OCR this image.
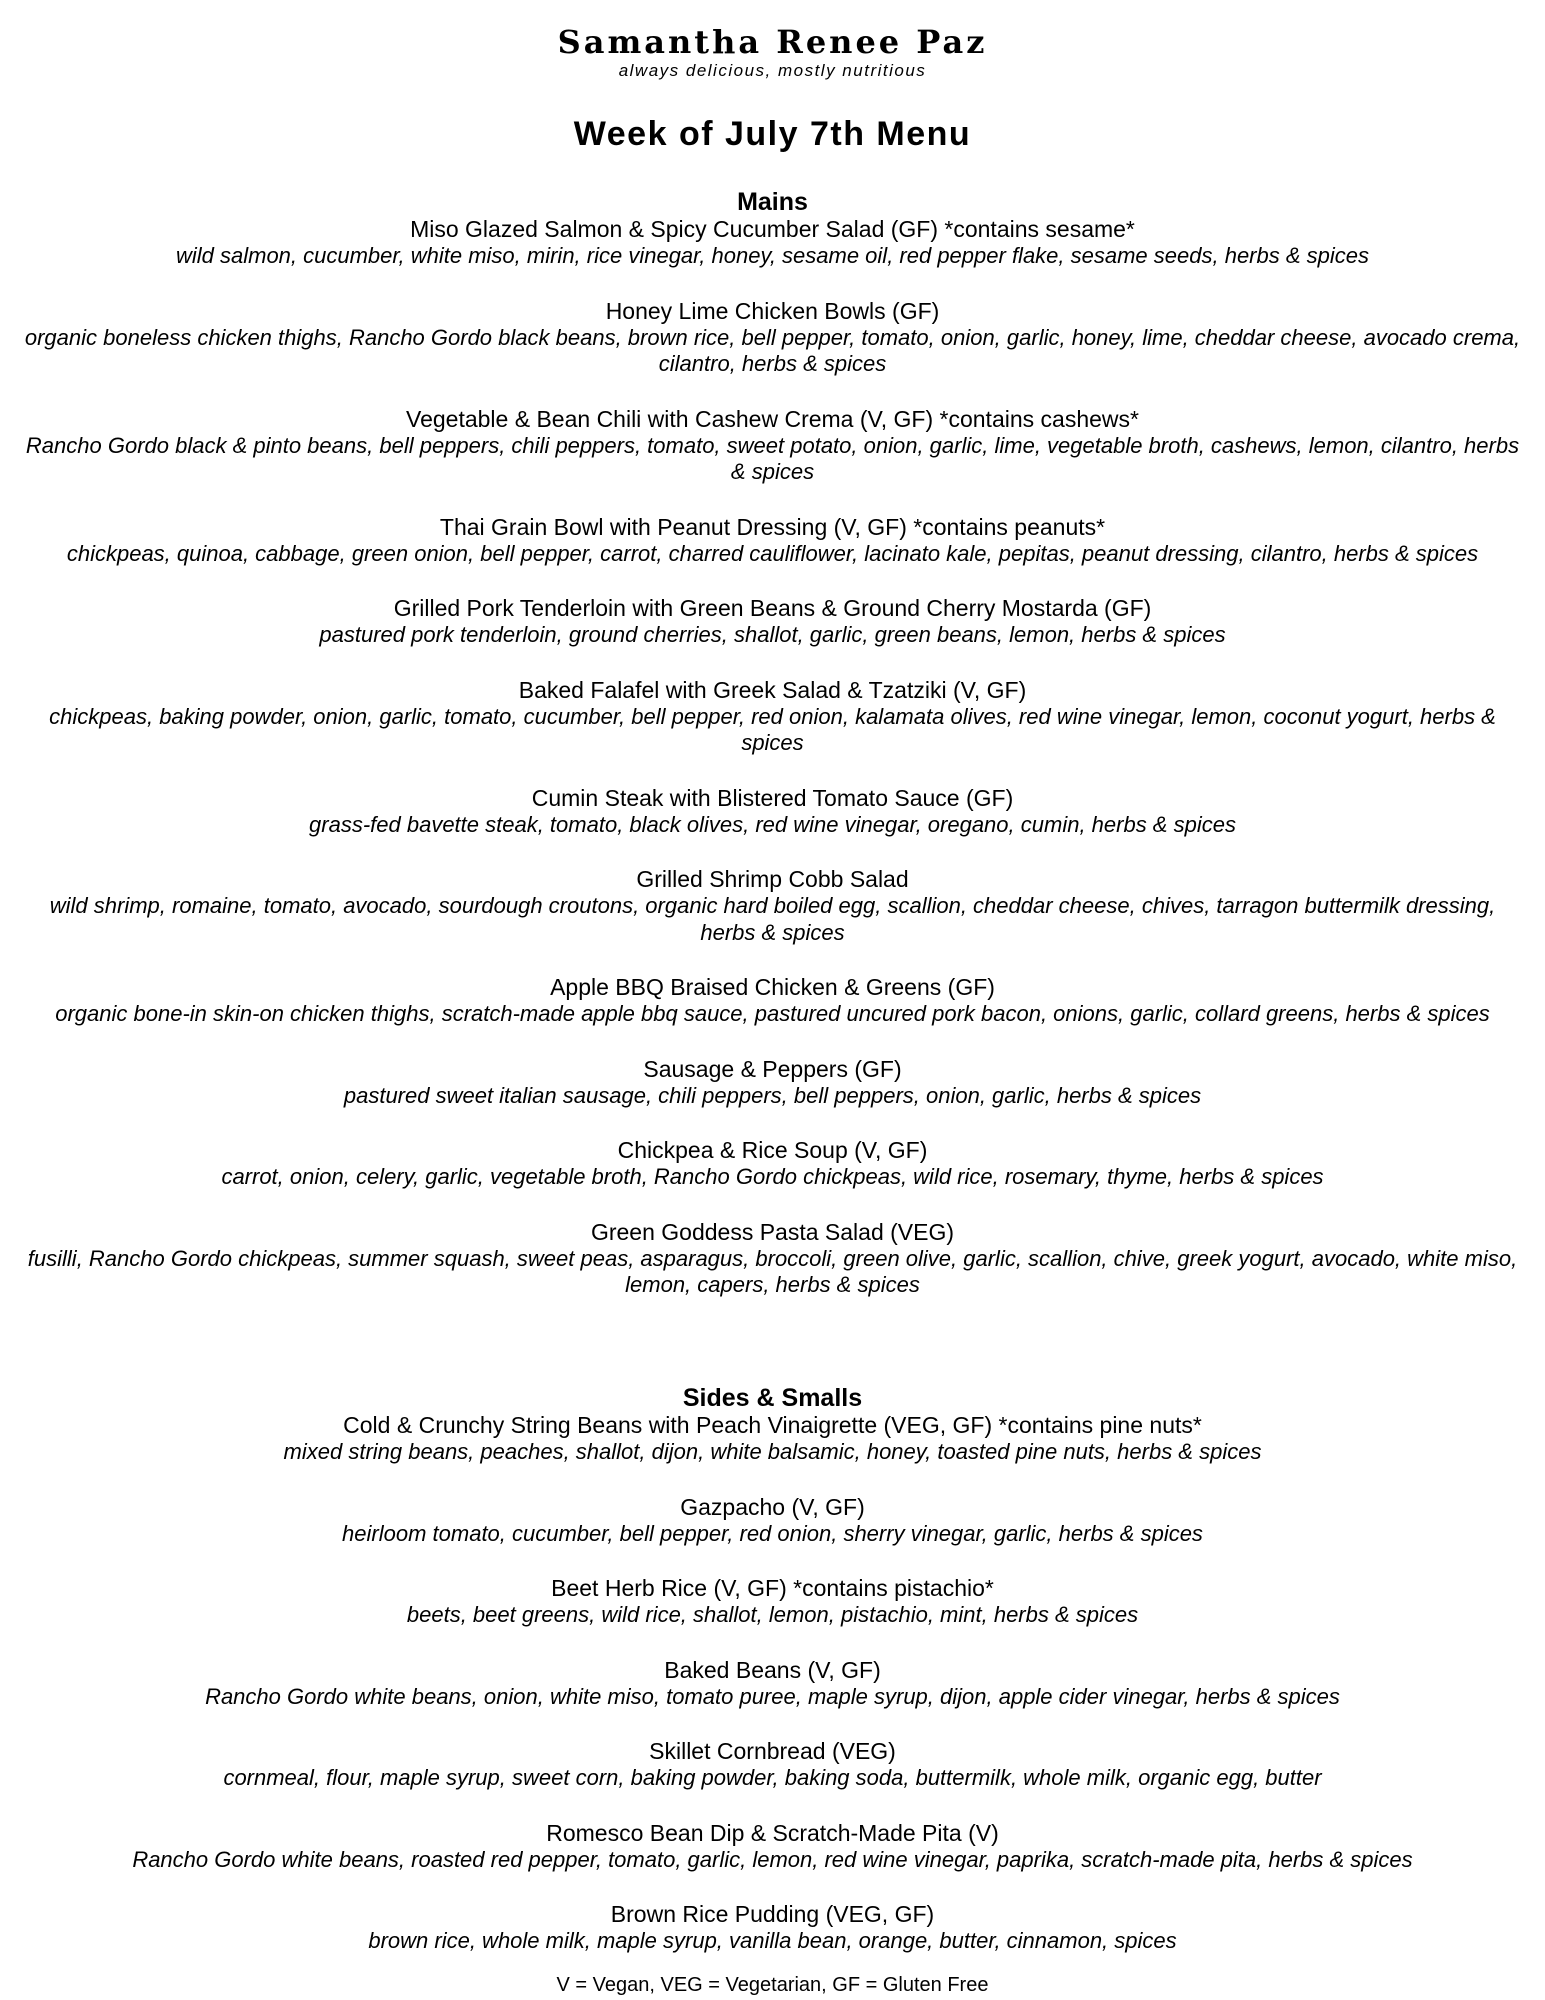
Samantha Renee Paz
always delicious, mostly nutritious
Week of July 7th Menu
Mains
Miso Glazed Salmon & Spicy Cucumber Salad (GF) *contains sesame*
wild salmon, cucumber, white miso, mirin, rice vinegar, honey, sesame oil, red pepper flake, sesame seeds, herbs & spices
Honey Lime Chicken Bowls (GF)
organic boneless chicken thighs, Rancho Gordo black beans, brown rice, bell pepper, tomato, onion, garlic, honey, lime, cheddar cheese, avocado crema, cilantro, herbs & spices
Vegetable & Bean Chili with Cashew Crema (V, GF) *contains cashews*
Rancho Gordo black & pinto beans, bell peppers, chili peppers, tomato, sweet potato, onion, garlic, lime, vegetable broth, cashews, lemon, cilantro, herbs & spices
Thai Grain Bowl with Peanut Dressing (V, GF) *contains peanuts*
chickpeas, quinoa, cabbage, green onion, bell pepper, carrot, charred cauliflower, lacinato kale, pepitas, peanut dressing, cilantro, herbs & spices
Grilled Pork Tenderloin with Green Beans & Ground Cherry Mostarda (GF)
pastured pork tenderloin, ground cherries, shallot, garlic, green beans, lemon, herbs & spices
Baked Falafel with Greek Salad & Tzatziki (V, GF)
chickpeas, baking powder, onion, garlic, tomato, cucumber, bell pepper, red onion, kalamata olives, red wine vinegar, lemon, coconut yogurt, herbs & spices
Cumin Steak with Blistered Tomato Sauce (GF)
grass-fed bavette steak, tomato, black olives, red wine vinegar, oregano, cumin, herbs & spices
Grilled Shrimp Cobb Salad
wild shrimp, romaine, tomato, avocado, sourdough croutons, organic hard boiled egg, scallion, cheddar cheese, chives, tarragon buttermilk dressing, herbs & spices
Apple BBQ Braised Chicken & Greens (GF)
organic bone-in skin-on chicken thighs, scratch-made apple bbq sauce, pastured uncured pork bacon, onions, garlic, collard greens, herbs & spices
Sausage & Peppers (GF)
pastured sweet italian sausage, chili peppers, bell peppers, onion, garlic, herbs & spices
Chickpea & Rice Soup (V, GF)
carrot, onion, celery, garlic, vegetable broth, Rancho Gordo chickpeas, wild rice, rosemary, thyme, herbs & spices
Green Goddess Pasta Salad (VEG)
fusilli, Rancho Gordo chickpeas, summer squash, sweet peas, asparagus, broccoli, green olive, garlic, scallion, chive, greek yogurt, avocado, white miso, lemon, capers, herbs & spices
Sides & Smalls
Cold & Crunchy String Beans with Peach Vinaigrette (VEG, GF) *contains pine nuts*
mixed string beans, peaches, shallot, dijon, white balsamic, honey, toasted pine nuts, herbs & spices
Gazpacho (V, GF)
heirloom tomato, cucumber, bell pepper, red onion, sherry vinegar, garlic, herbs & spices
Beet Herb Rice (V, GF) *contains pistachio*
beets, beet greens, wild rice, shallot, lemon, pistachio, mint, herbs & spices
Baked Beans (V, GF)
Rancho Gordo white beans, onion, white miso, tomato puree, maple syrup, dijon, apple cider vinegar, herbs & spices
Skillet Cornbread (VEG)
cornmeal, flour, maple syrup, sweet corn, baking powder, baking soda, buttermilk, whole milk, organic egg, butter
Romesco Bean Dip & Scratch-Made Pita (V)
Rancho Gordo white beans, roasted red pepper, tomato, garlic, lemon, red wine vinegar, paprika, scratch-made pita, herbs & spices
Brown Rice Pudding (VEG, GF)
brown rice, whole milk, maple syrup, vanilla bean, orange, butter, cinnamon, spices
V = Vegan, VEG = Vegetarian, GF = Gluten Free
